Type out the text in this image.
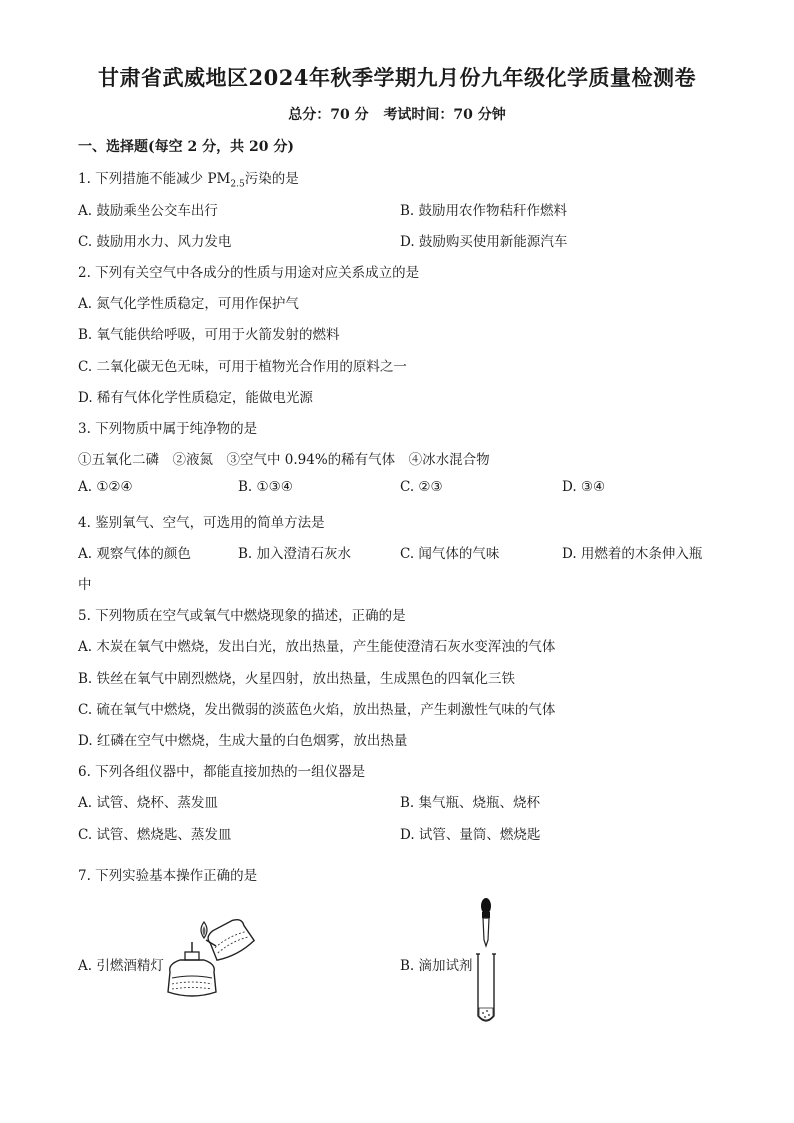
甘肃省武威地区2024年秋季学期九月份九年级化学质量检测卷
总分：70 分 考试时间：70 分钟
一、选择题(每空 2 分，共 20 分)
1. 下列措施不能减少 $PM_{2.5}$污染的是
A. 鼓励乘坐公交车出行	B. 鼓励用农作物秸秆作燃料
C. 鼓励用水力、风力发电	D. 鼓励购买使用新能源汽车
2. 下列有关空气中各成分的性质与用途对应关系成立的是
A. 氮气化学性质稳定，可用作保护气
B. 氧气能供给呼吸，可用于火箭发射的燃料
C. 二氧化碳无色无味，可用于植物光合作用的原料之一
D. 稀有气体化学性质稳定，能做电光源
3. 下列物质中属于纯净物的是
①五氧化二磷　②液氮　③空气中 0.94%的稀有气体　④冰水混合物
A. ①②④	B. ①③④	C. ②③	D. ③④
4. 鉴别氧气、空气，可选用的简单方法是
A. 观察气体的颜色	B. 加入澄清石灰水	C. 闻气体的气味	D. 用燃着的木条伸入瓶
中
5. 下列物质在空气或氧气中燃烧现象的描述，正确的是
A. 木炭在氧气中燃烧，发出白光，放出热量，产生能使澄清石灰水变浑浊的气体
B. 铁丝在氧气中剧烈燃烧，火星四射，放出热量，生成黑色的四氧化三铁
C. 硫在氧气中燃烧，发出微弱的淡蓝色火焰，放出热量，产生刺激性气味的气体
D. 红磷在空气中燃烧，生成大量的白色烟雾，放出热量
6. 下列各组仪器中，都能直接加热的一组仪器是
A. 试管、烧杯、蒸发皿	B. 集气瓶、烧瓶、烧杯
C. 试管、燃烧匙、蒸发皿	D. 试管、量筒、燃烧匙
7. 下列实验基本操作正确的是
A. 引燃酒精灯	B. 滴加试剂
